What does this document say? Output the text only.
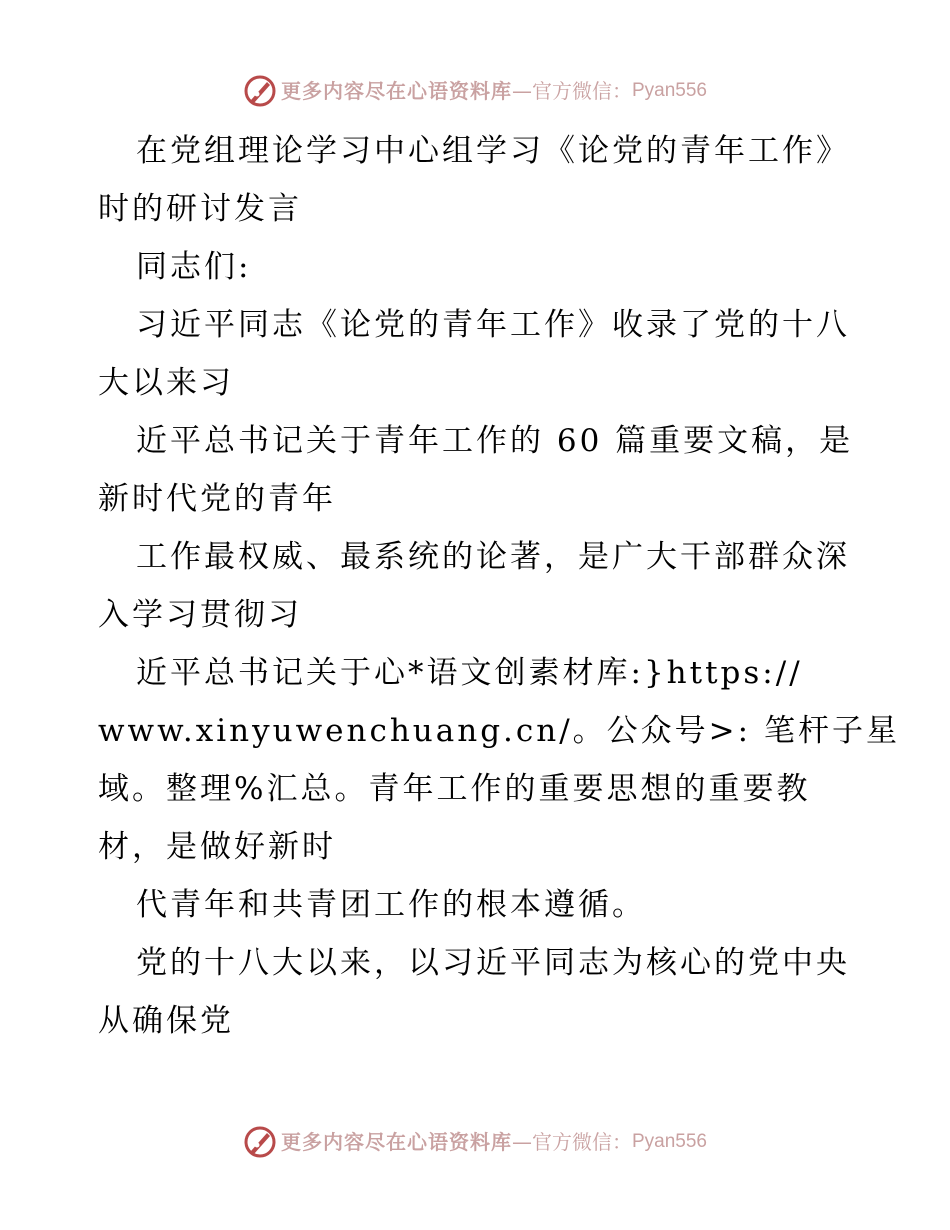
更多内容尽在心语资料库 — 官方微信： Pyan556
在党组理论学习中心组学习《论党的青年工作》
时的研讨发言
同志们:
习近平同志《论党的青年工作》收录了党的十八
大以来习
近平总书记关于青年工作的 60 篇重要文稿，是
新时代党的青年
工作最权威、最系统的论著，是广大干部群众深
入学习贯彻习
近平总书记关于心*语文创素材库:}https://
www.xinyuwenchuang.cn/。公众号>: 笔杆子星
域。整理%汇总。青年工作的重要思想的重要教
材，是做好新时
代青年和共青团工作的根本遵循。
党的十八大以来，以习近平同志为核心的党中央
从确保党
更多内容尽在心语资料库 — 官方微信： Pyan556
